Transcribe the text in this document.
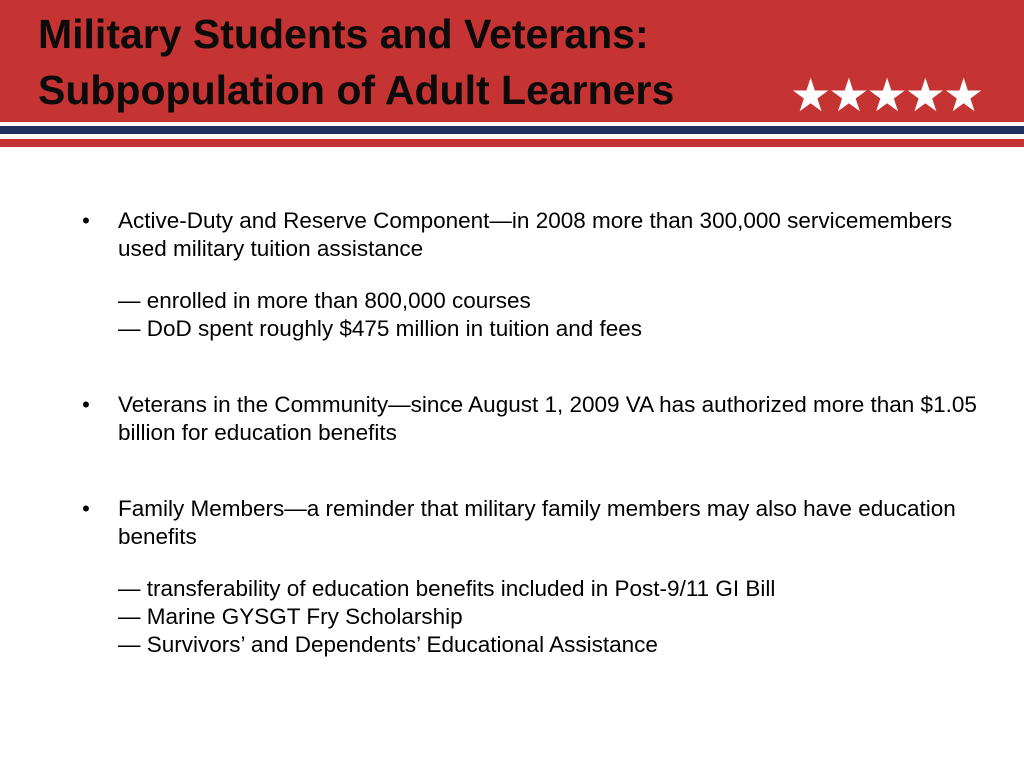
Military Students and Veterans:
Subpopulation of Adult Learners	★★★★★
• Active-Duty and Reserve Component—in 2008 more than 300,000 servicemembers used military tuition assistance
— enrolled in more than 800,000 courses
— DoD spent roughly $475 million in tuition and fees
• Veterans in the Community—since August 1, 2009 VA has authorized more than $1.05 billion for education benefits
• Family Members—a reminder that military family members may also have education benefits
— transferability of education benefits included in Post-9/11 GI Bill
— Marine GYSGT Fry Scholarship
— Survivors’ and Dependents’ Educational Assistance
